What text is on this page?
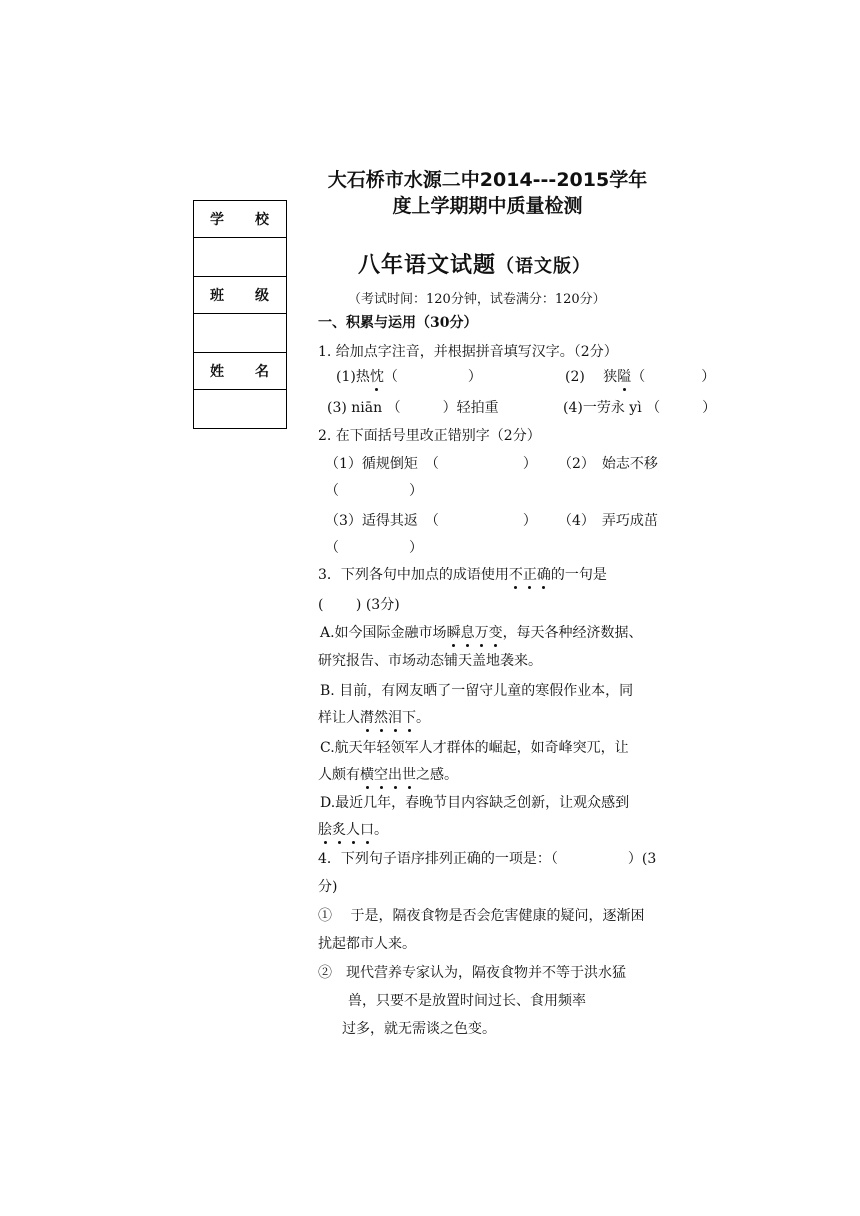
学　　校

班　　级

姓　　名

大石桥市水源二中2014---2015学年
度上学期期中质量检测
八年语文试题（语文版）
（考试时间：120分钟，试卷满分：120分）
一、积累与运用（30分）
1. 给加点字注音，并根据拼音填写汉字。（2分）
(1)热忱（　　　　　）	(2)　 狭隘（　　　　）
(3) niān （　　　）轻拍重	(4)一劳永 yì （　　　）
2. 在下面括号里改正错别字（2分）
（1）循规倒矩　（　　　　　　） （2）　始志不移
（　　　　　）
（3）适得其返　（　　　　　　） （4）　弄巧成茁
（　　　　　）
3．下列各句中加点的成语使用不正确的一句是
(　　 ) (3分)
A.如今国际金融市场瞬息万变，每天各种经济数据、
研究报告、市场动态铺天盖地袭来。
B. 目前，有网友晒了一留守儿童的寒假作业本，同
样让人潸然泪下。
C.航天年轻领军人才群体的崛起，如奇峰突兀，让
人颇有横空出世之感。
D.最近几年，春晚节目内容缺乏创新，让观众感到
脍炙人口。
4．下列句子语序排列正确的一项是：（　　　　　）(3
分)
①　 于是，隔夜食物是否会危害健康的疑问，逐渐困
扰起都市人来。
②　现代营养专家认为，隔夜食物并不等于洪水猛
兽，只要不是放置时间过长、食用频率
过多，就无需谈之色变。
